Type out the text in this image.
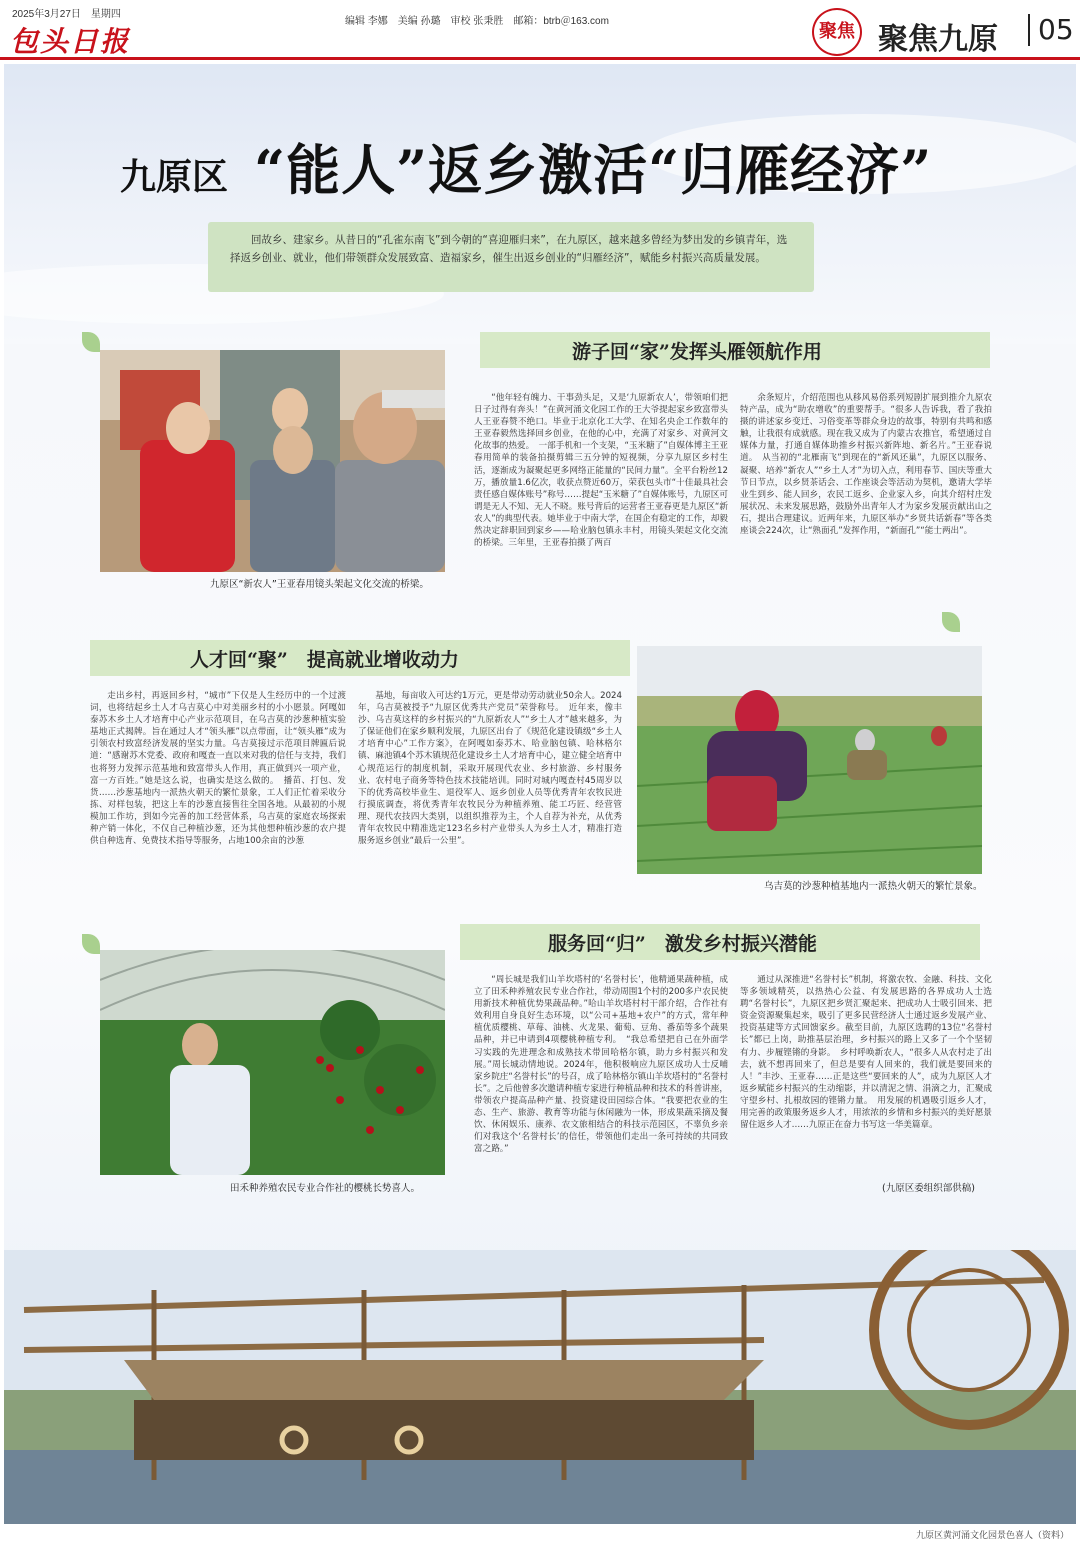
2025年3月27日　星期四
包头日报
编辑 李娜　美编 孙璐　审校 张秉胜　邮箱：btrb＠163.com	聚焦 聚焦九原	05
九原区 “能人”返乡激活“归雁经济”
回故乡、建家乡。从昔日的“孔雀东南飞”到今朝的“喜迎雁归来”，在九原区，越来越多曾经为梦出发的乡镇青年，选择返乡创业、就业，他们带领群众发展致富、造福家乡，催生出返乡创业的“归雁经济”，赋能乡村振兴高质量发展。
游子回“家”发挥头雁领航作用
九原区“新农人”王亚春用镜头架起文化交流的桥梁。
“他年轻有魄力、干事劲头足，又是‘九原新农人’，带领咱们把日子过得有奔头！”在黄河涌文化园工作的王大爷提起家乡致富带头人王亚春赞不绝口。毕业于北京化工大学、在知名央企工作数年的王亚春毅然选择回乡创业，在他的心中，充满了对家乡、对黄河文化故事的热爱。　一部手机和一个支架，“玉米糖了”自媒体博主王亚春用简单的装备拍摄剪辑三五分钟的短视频，分享九原区乡村生活，逐渐成为凝聚起更多网络正能量的“民间力量”。全平台粉丝12万，播放量1.6亿次，收获点赞近60万，荣获包头市“十佳最具社会责任感自媒体账号”称号……提起“玉米糖了”自媒体账号，九原区可谓是无人不知、无人不晓。账号背后的运营者王亚春更是九原区“新农人”的典型代表。她毕业于中南大学，在国企有稳定的工作，却毅然决定辞职回到家乡——哈业脑包镇永丰村，用镜头架起文化交流的桥梁。三年里，王亚春拍摄了两百
余条短片，介绍范围也从移风易俗系列短剧扩展到推介九原农特产品，成为“助农增收”的重要帮手。“很多人告诉我，看了我拍摄的讲述家乡变迁、习俗变革等群众身边的故事，特别有共鸣和感触，让我很有成就感。现在我又成为了内蒙古农推官，希望通过自媒体力量，打通自媒体助推乡村振兴新阵地、新名片。”王亚春说道。　从当初的“北雁南飞”到现在的“新风还巢”，九原区以服务、凝聚、培养“新农人”“乡土人才”为切入点，利用春节、国庆等重大节日节点，以乡贤茶话会、工作座谈会等活动为契机，邀请大学毕业生到乡、能人回乡，农民工返乡、企业家入乡，向其介绍村庄发展状况、未来发展思路，鼓励外出青年人才为家乡发展贡献出山之石，提出合理建议。近两年来，九原区举办“乡贤共话新春”等各类座谈会224次，让“熟面孔”发挥作用，“新面孔”“能士两出”。
人才回“聚”　提高就业增收动力
乌吉莫的沙葱种植基地内一派热火朝天的繁忙景象。
走出乡村，再返回乡村，“城市”下仅是人生经历中的一个过渡词，也将结起乡土人才乌吉莫心中对美丽乡村的小小愿景。阿嘎如泰苏木乡土人才培育中心产业示范项目，在乌吉莫的沙葱种植实验基地正式揭牌。旨在通过人才“领头雁”以点带面，让“领头雁”成为引领农村致富经济发展的坚实力量。乌吉莫接过示范项目牌匾后说道：“感谢苏木党委、政府和嘎查一直以来对我的信任与支持，我们也将努力发挥示范基地和致富带头人作用，真正做到兴一项产业，富一方百姓。”她是这么说，也确实是这么做的。　播苗、打包、发货……沙葱基地内一派热火朝天的繁忙景象，工人们正忙着采收分拣、对样包装，把这上车的沙葱直接售往全国各地。从最初的小规模加工作坊，到如今完善的加工经营体系，乌吉莫的家庭农场探索种产销一体化，不仅自己种植沙葱，还为其他想种植沙葱的农户提供自种选育、免费技术指导等服务，占地100余亩的沙葱
基地，每亩收入可达约1万元，更是带动劳动就业50余人。2024年，乌吉莫被授予“九原区优秀共产党员”荣誉称号。　近年来，像丰沙、乌吉莫这样的乡村振兴的“九原新农人”“乡土人才”越来越多，为了保证他们在家乡顺利发展，九原区出台了《规范化建设镇级“乡土人才培育中心”工作方案》，在阿嘎如泰苏木、哈业脑包镇、哈林格尔镇、麻池镇4个苏木镇规范化建设乡土人才培育中心，建立健全培育中心规范运行的制度机制，采取开展现代农业、乡村旅游、乡村服务业、农村电子商务等特色技术技能培训。同时对城内嘎查村45周岁以下的优秀高校毕业生、退役军人、返乡创业人员等优秀青年农牧民进行摸底调查，将优秀青年农牧民分为种植养殖、能工巧匠、经营管理、现代农技四大类别，以组织推荐为主，个人自荐为补充，从优秀青年农牧民中精准选定123名乡村产业带头人为乡土人才，精准打造服务返乡创业“最后一公里”。
服务回“归”　激发乡村振兴潜能
田禾种养殖农民专业合作社的樱桃长势喜人。
“周长城是我们山羊坎塔村的‘名誉村长’，他精通果蔬种植，成立了田禾种养殖农民专业合作社，带动周围1个村的200多户农民使用新技术种植优势果蔬品种。”哈山羊坎塔村村干部介绍，合作社有效利用自身良好生态环境，以“公司+基地+农户”的方式，常年种植优质樱桃、草莓、油桃、火龙果、葡萄、豆角、番茄等多个蔬果品种，并已申请到4项樱桃种植专利。　“我总希望把自己在外面学习实践的先进理念和成熟技术带回哈格尔镇，助力乡村振兴和发展。”周长城动情地说。2024年，他积极响应九原区成功人士反哺家乡院庄“名誉村长”的号召，成了哈林格尔镇山羊坎塔村的“名誉村长”。之后他曾多次邀请种植专家进行种植品种和技术的科普讲座，带领农户提高品种产量、投资建设田园综合体。“我要把农业的生态、生产、旅游、教育等功能与休闲融为一体，形成果蔬采摘及餐饮、休闲娱乐、康养、农文旅相结合的科技示范园区，不辜负乡亲们对我这个‘名誉村长’的信任，带领他们走出一条可持续的共同致富之路。”
通过从深推进“名誉村长”机制，将激农牧、金融、科技、文化等多领域精英，以热热心公益、有发展思路的各界成功人士选聘“名誉村长”，九原区把乡贤汇聚起来、把成功人士吸引回来、把资金资源聚集起来，吸引了更多民营经济人士通过返乡发展产业、投资基建等方式回馈家乡。截至目前，九原区选聘的13位“名誉村长”都已上岗，助推基层治理，乡村振兴的路上又多了一个个坚韧有力、步履铿锵的身影。　乡村呼唤新农人，“很多人从农村走了出去，就不想再回来了，但总是要有人回来的，我们就是要回来的人！”丰沙、王亚春……正是这些“要回来的人”，成为九原区人才返乡赋能乡村振兴的生动缩影，并以清泥之情、涓滴之力，汇聚成守望乡村、扎根故园的铿锵力量。　用发展的机遇吸引返乡人才，用完善的政策服务返乡人才，用浓浓的乡情和乡村振兴的美好愿景留住返乡人才……九原正在奋力书写这一华美篇章。
(九原区委组织部供稿)
九原区黄河涌文化园景色喜人（资料）
